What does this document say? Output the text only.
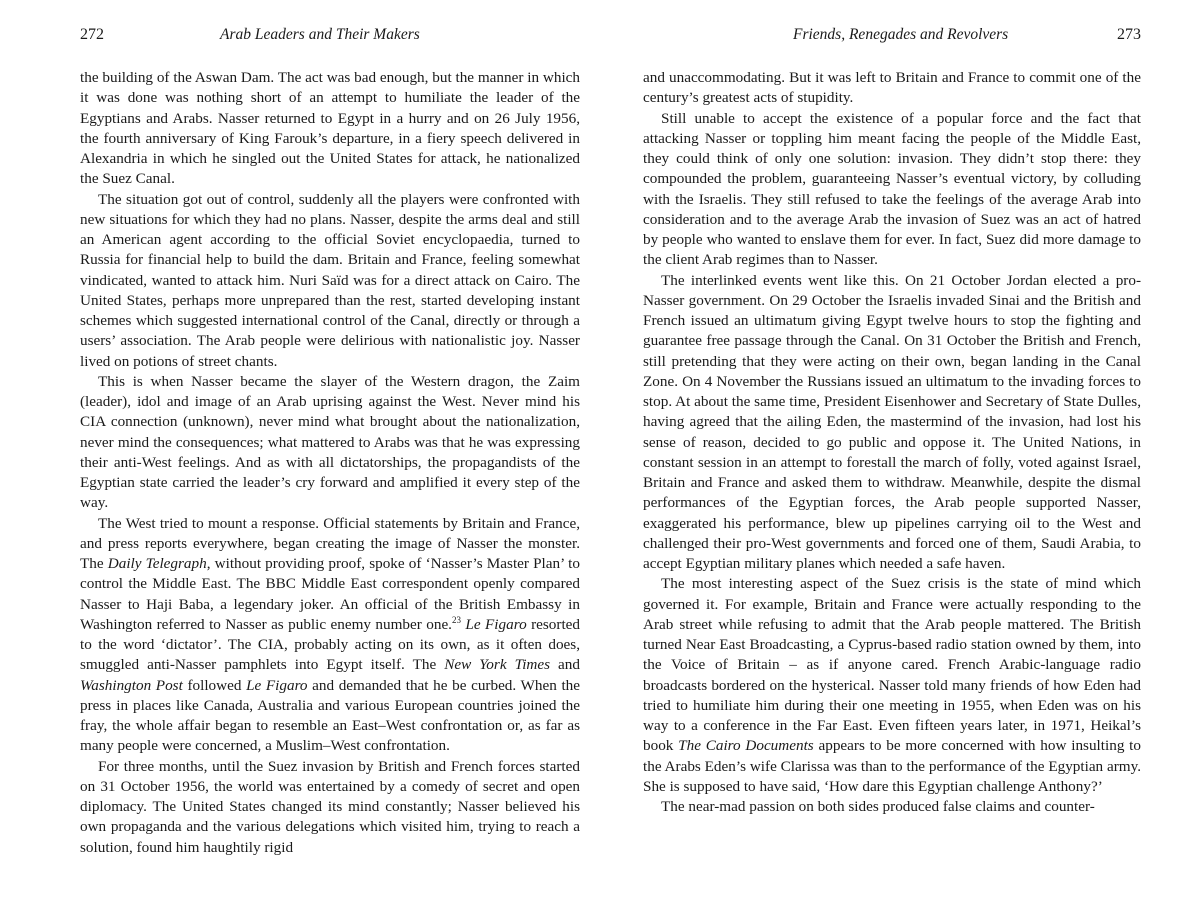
272	Arab Leaders and Their Makers

the building of the Aswan Dam. The act was bad enough, but the manner in which it was done was nothing short of an attempt to humiliate the leader of the Egyptians and Arabs. Nasser returned to Egypt in a hurry and on 26 July 1956, the fourth anniversary of King Farouk’s departure, in a fiery speech delivered in Alexandria in which he singled out the United States for attack, he nationalized the Suez Canal.

The situation got out of control, suddenly all the players were confronted with new situations for which they had no plans. Nasser, despite the arms deal and still an American agent according to the official Soviet encyclopaedia, turned to Russia for financial help to build the dam. Britain and France, feeling somewhat vindicated, wanted to attack him. Nuri Saïd was for a direct attack on Cairo. The United States, perhaps more unprepared than the rest, started developing instant schemes which suggested international control of the Canal, directly or through a users’ association. The Arab people were delirious with nationalistic joy. Nasser lived on potions of street chants.

This is when Nasser became the slayer of the Western dragon, the Zaim (leader), idol and image of an Arab uprising against the West. Never mind his CIA connection (unknown), never mind what brought about the nationalization, never mind the consequences; what mattered to Arabs was that he was expressing their anti-West feelings. And as with all dictatorships, the propagandists of the Egyptian state carried the leader’s cry forward and amplified it every step of the way.

The West tried to mount a response. Official statements by Britain and France, and press reports everywhere, began creating the image of Nasser the monster. The Daily Telegraph, without providing proof, spoke of ‘Nasser’s Master Plan’ to control the Middle East. The BBC Middle East correspondent openly compared Nasser to Haji Baba, a legendary joker. An official of the British Embassy in Washington referred to Nasser as public enemy number one.$^{23}$ Le Figaro resorted to the word ‘dictator’. The CIA, probably acting on its own, as it often does, smuggled anti-Nasser pamphlets into Egypt itself. The New York Times and Washington Post followed Le Figaro and demanded that he be curbed. When the press in places like Canada, Australia and various European countries joined the fray, the whole affair began to resemble an East–West confrontation or, as far as many people were concerned, a Muslim–West confrontation.

For three months, until the Suez invasion by British and French forces started on 31 October 1956, the world was entertained by a comedy of secret and open diplomacy. The United States changed its mind constantly; Nasser believed his own propaganda and the various delegations which visited him, trying to reach a solution, found him haughtily rigid

Friends, Renegades and Revolvers	273

and unaccommodating. But it was left to Britain and France to commit one of the century’s greatest acts of stupidity.

Still unable to accept the existence of a popular force and the fact that attacking Nasser or toppling him meant facing the people of the Middle East, they could think of only one solution: invasion. They didn’t stop there: they compounded the problem, guaranteeing Nasser’s eventual victory, by colluding with the Israelis. They still refused to take the feelings of the average Arab into consideration and to the average Arab the invasion of Suez was an act of hatred by people who wanted to enslave them for ever. In fact, Suez did more damage to the client Arab regimes than to Nasser.

The interlinked events went like this. On 21 October Jordan elected a pro-Nasser government. On 29 October the Israelis invaded Sinai and the British and French issued an ultimatum giving Egypt twelve hours to stop the fighting and guarantee free passage through the Canal. On 31 October the British and French, still pretending that they were acting on their own, began landing in the Canal Zone. On 4 November the Russians issued an ultimatum to the invading forces to stop. At about the same time, President Eisenhower and Secretary of State Dulles, having agreed that the ailing Eden, the mastermind of the invasion, had lost his sense of reason, decided to go public and oppose it. The United Nations, in constant session in an attempt to forestall the march of folly, voted against Israel, Britain and France and asked them to withdraw. Meanwhile, despite the dismal performances of the Egyptian forces, the Arab people supported Nasser, exaggerated his performance, blew up pipelines carrying oil to the West and challenged their pro-West governments and forced one of them, Saudi Arabia, to accept Egyptian military planes which needed a safe haven.

The most interesting aspect of the Suez crisis is the state of mind which governed it. For example, Britain and France were actually responding to the Arab street while refusing to admit that the Arab people mattered. The British turned Near East Broadcasting, a Cyprus-based radio station owned by them, into the Voice of Britain – as if anyone cared. French Arabic-language radio broadcasts bordered on the hysterical. Nasser told many friends of how Eden had tried to humiliate him during their one meeting in 1955, when Eden was on his way to a conference in the Far East. Even fifteen years later, in 1971, Heikal’s book The Cairo Documents appears to be more concerned with how insulting to the Arabs Eden’s wife Clarissa was than to the performance of the Egyptian army. She is supposed to have said, ‘How dare this Egyptian challenge Anthony?’

The near-mad passion on both sides produced false claims and counter-
